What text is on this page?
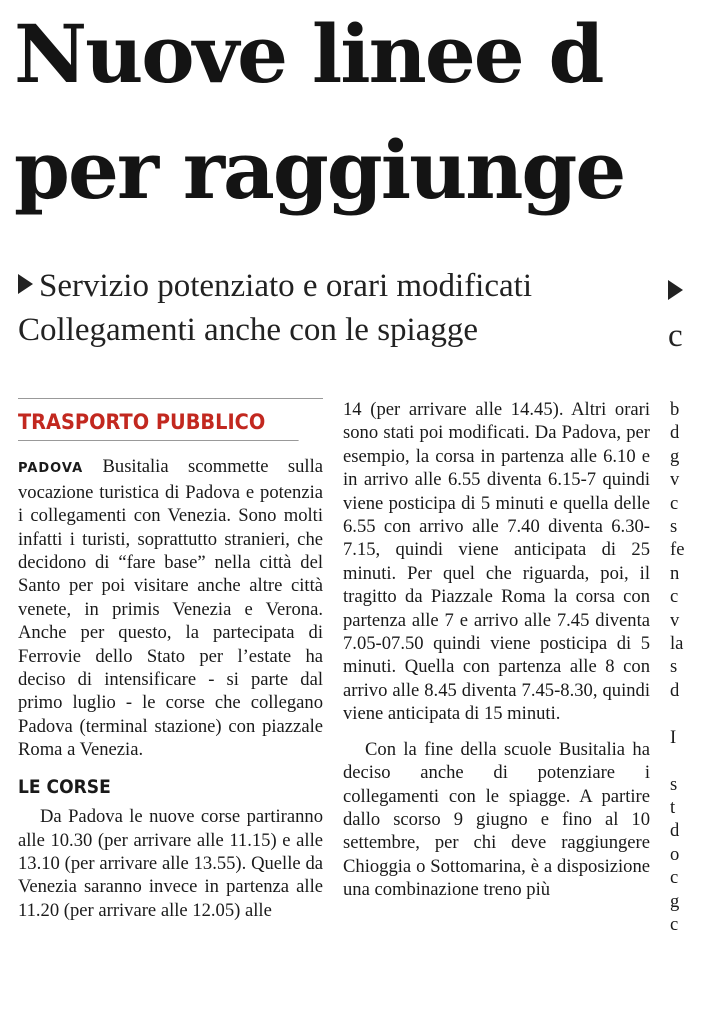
Nuove linee d
per raggiunge
Servizio potenziato e orari modificati
Collegamenti anche con le spiagge	c
TRASPORTO PUBBLICO

PADOVA Busitalia scommette sulla vocazione turistica di Padova e potenzia i collegamenti con Venezia. Sono molti infatti i turisti, soprattutto stranieri, che decidono di “fare base” nella città del Santo per poi visitare anche altre città venete, in primis Venezia e Verona. Anche per questo, la partecipata di Ferrovie dello Stato per l’estate ha deciso di intensificare - si parte dal primo luglio - le corse che collegano Padova (terminal stazione) con piazzale Roma a Venezia.

LE CORSE

Da Padova le nuove corse partiranno alle 10.30 (per arrivare alle 11.15) e alle 13.10 (per arrivare alle 13.55). Quelle da Venezia saranno invece in partenza alle 11.20 (per arrivare alle 12.05) alle

14 (per arrivare alle 14.45). Altri orari sono stati poi modificati. Da Padova, per esempio, la corsa in partenza alle 6.10 e in arrivo alle 6.55 diventa 6.15-7 quindi viene posticipa di 5 minuti e quella delle 6.55 con arrivo alle 7.40 diventa 6.30-7.15, quindi viene anticipata di 25 minuti. Per quel che riguarda, poi, il tragitto da Piazzale Roma la corsa con partenza alle 7 e arrivo alle 7.45 diventa 7.05-07.50 quindi viene posticipa di 5 minuti. Quella con partenza alle 8 con arrivo alle 8.45 diventa 7.45-8.30, quindi viene anticipata di 15 minuti.

Con la fine della scuole Busitalia ha deciso anche di potenziare i collegamenti con le spiagge. A partire dallo scorso 9 giugno e fino al 10 settembre, per chi deve raggiungere Chioggia o Sottomarina, è a disposizione una combinazione treno più

b

d

g

v

c

s

fe

n

c

v

la

s

d

I

s

t

d

o

c

g

c
